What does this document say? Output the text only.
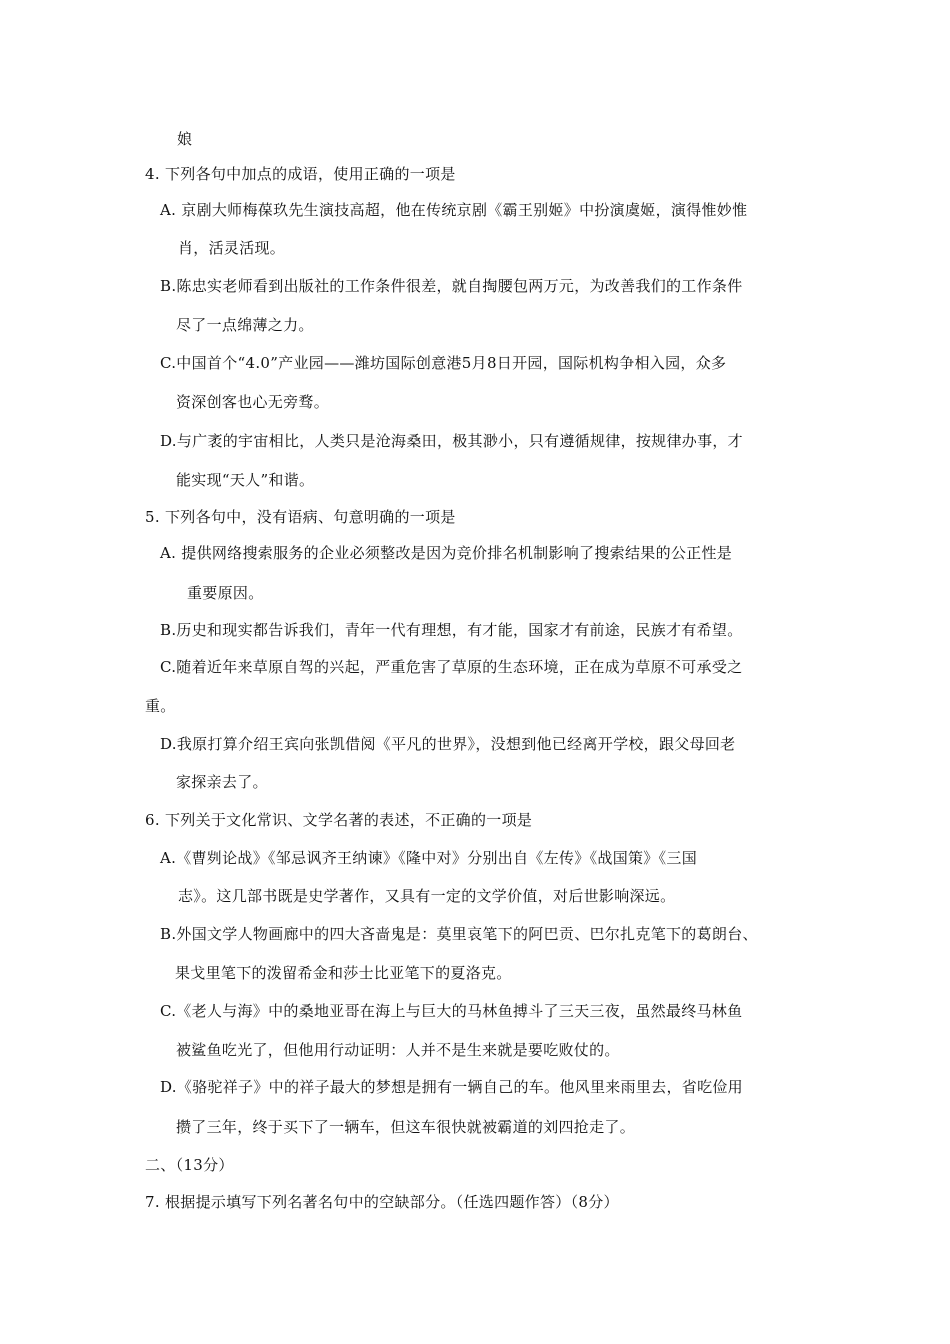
娘
4. 下列各句中加点的成语，使用正确的一项是
A. 京剧大师梅葆玖先生演技高超，他在传统京剧《霸王别姬》中扮演虞姬，演得惟妙惟
肖，活灵活现。
B.陈忠实老师看到出版社的工作条件很差，就自掏腰包两万元，为改善我们的工作条件
尽了一点绵薄之力。
C.中国首个“4.0”产业园——潍坊国际创意港5月8日开园，国际机构争相入园，众多
资深创客也心无旁骛。
D.与广袤的宇宙相比，人类只是沧海桑田，极其渺小，只有遵循规律，按规律办事，才
能实现“天人”和谐。
5. 下列各句中，没有语病、句意明确的一项是
A. 提供网络搜索服务的企业必须整改是因为竞价排名机制影响了搜索结果的公正性是
重要原因。
B.历史和现实都告诉我们，青年一代有理想，有才能，国家才有前途，民族才有希望。
C.随着近年来草原自驾的兴起，严重危害了草原的生态环境，正在成为草原不可承受之
重。
D.我原打算介绍王宾向张凯借阅《平凡的世界》，没想到他已经离开学校，跟父母回老
家探亲去了。
6. 下列关于文化常识、文学名著的表述，不正确的一项是
A.《曹刿论战》《邹忌讽齐王纳谏》《隆中对》分别出自《左传》《战国策》《三国
志》。这几部书既是史学著作，又具有一定的文学价值，对后世影响深远。
B.外国文学人物画廊中的四大吝啬鬼是：莫里哀笔下的阿巴贡、巴尔扎克笔下的葛朗台、
果戈里笔下的泼留希金和莎士比亚笔下的夏洛克。
C.《老人与海》中的桑地亚哥在海上与巨大的马林鱼搏斗了三天三夜，虽然最终马林鱼
被鲨鱼吃光了，但他用行动证明：人并不是生来就是要吃败仗的。
D.《骆驼祥子》中的祥子最大的梦想是拥有一辆自己的车。他风里来雨里去，省吃俭用
攒了三年，终于买下了一辆车，但这车很快就被霸道的刘四抢走了。
二、（13分）
7. 根据提示填写下列名著名句中的空缺部分。（任选四题作答）（8分）
